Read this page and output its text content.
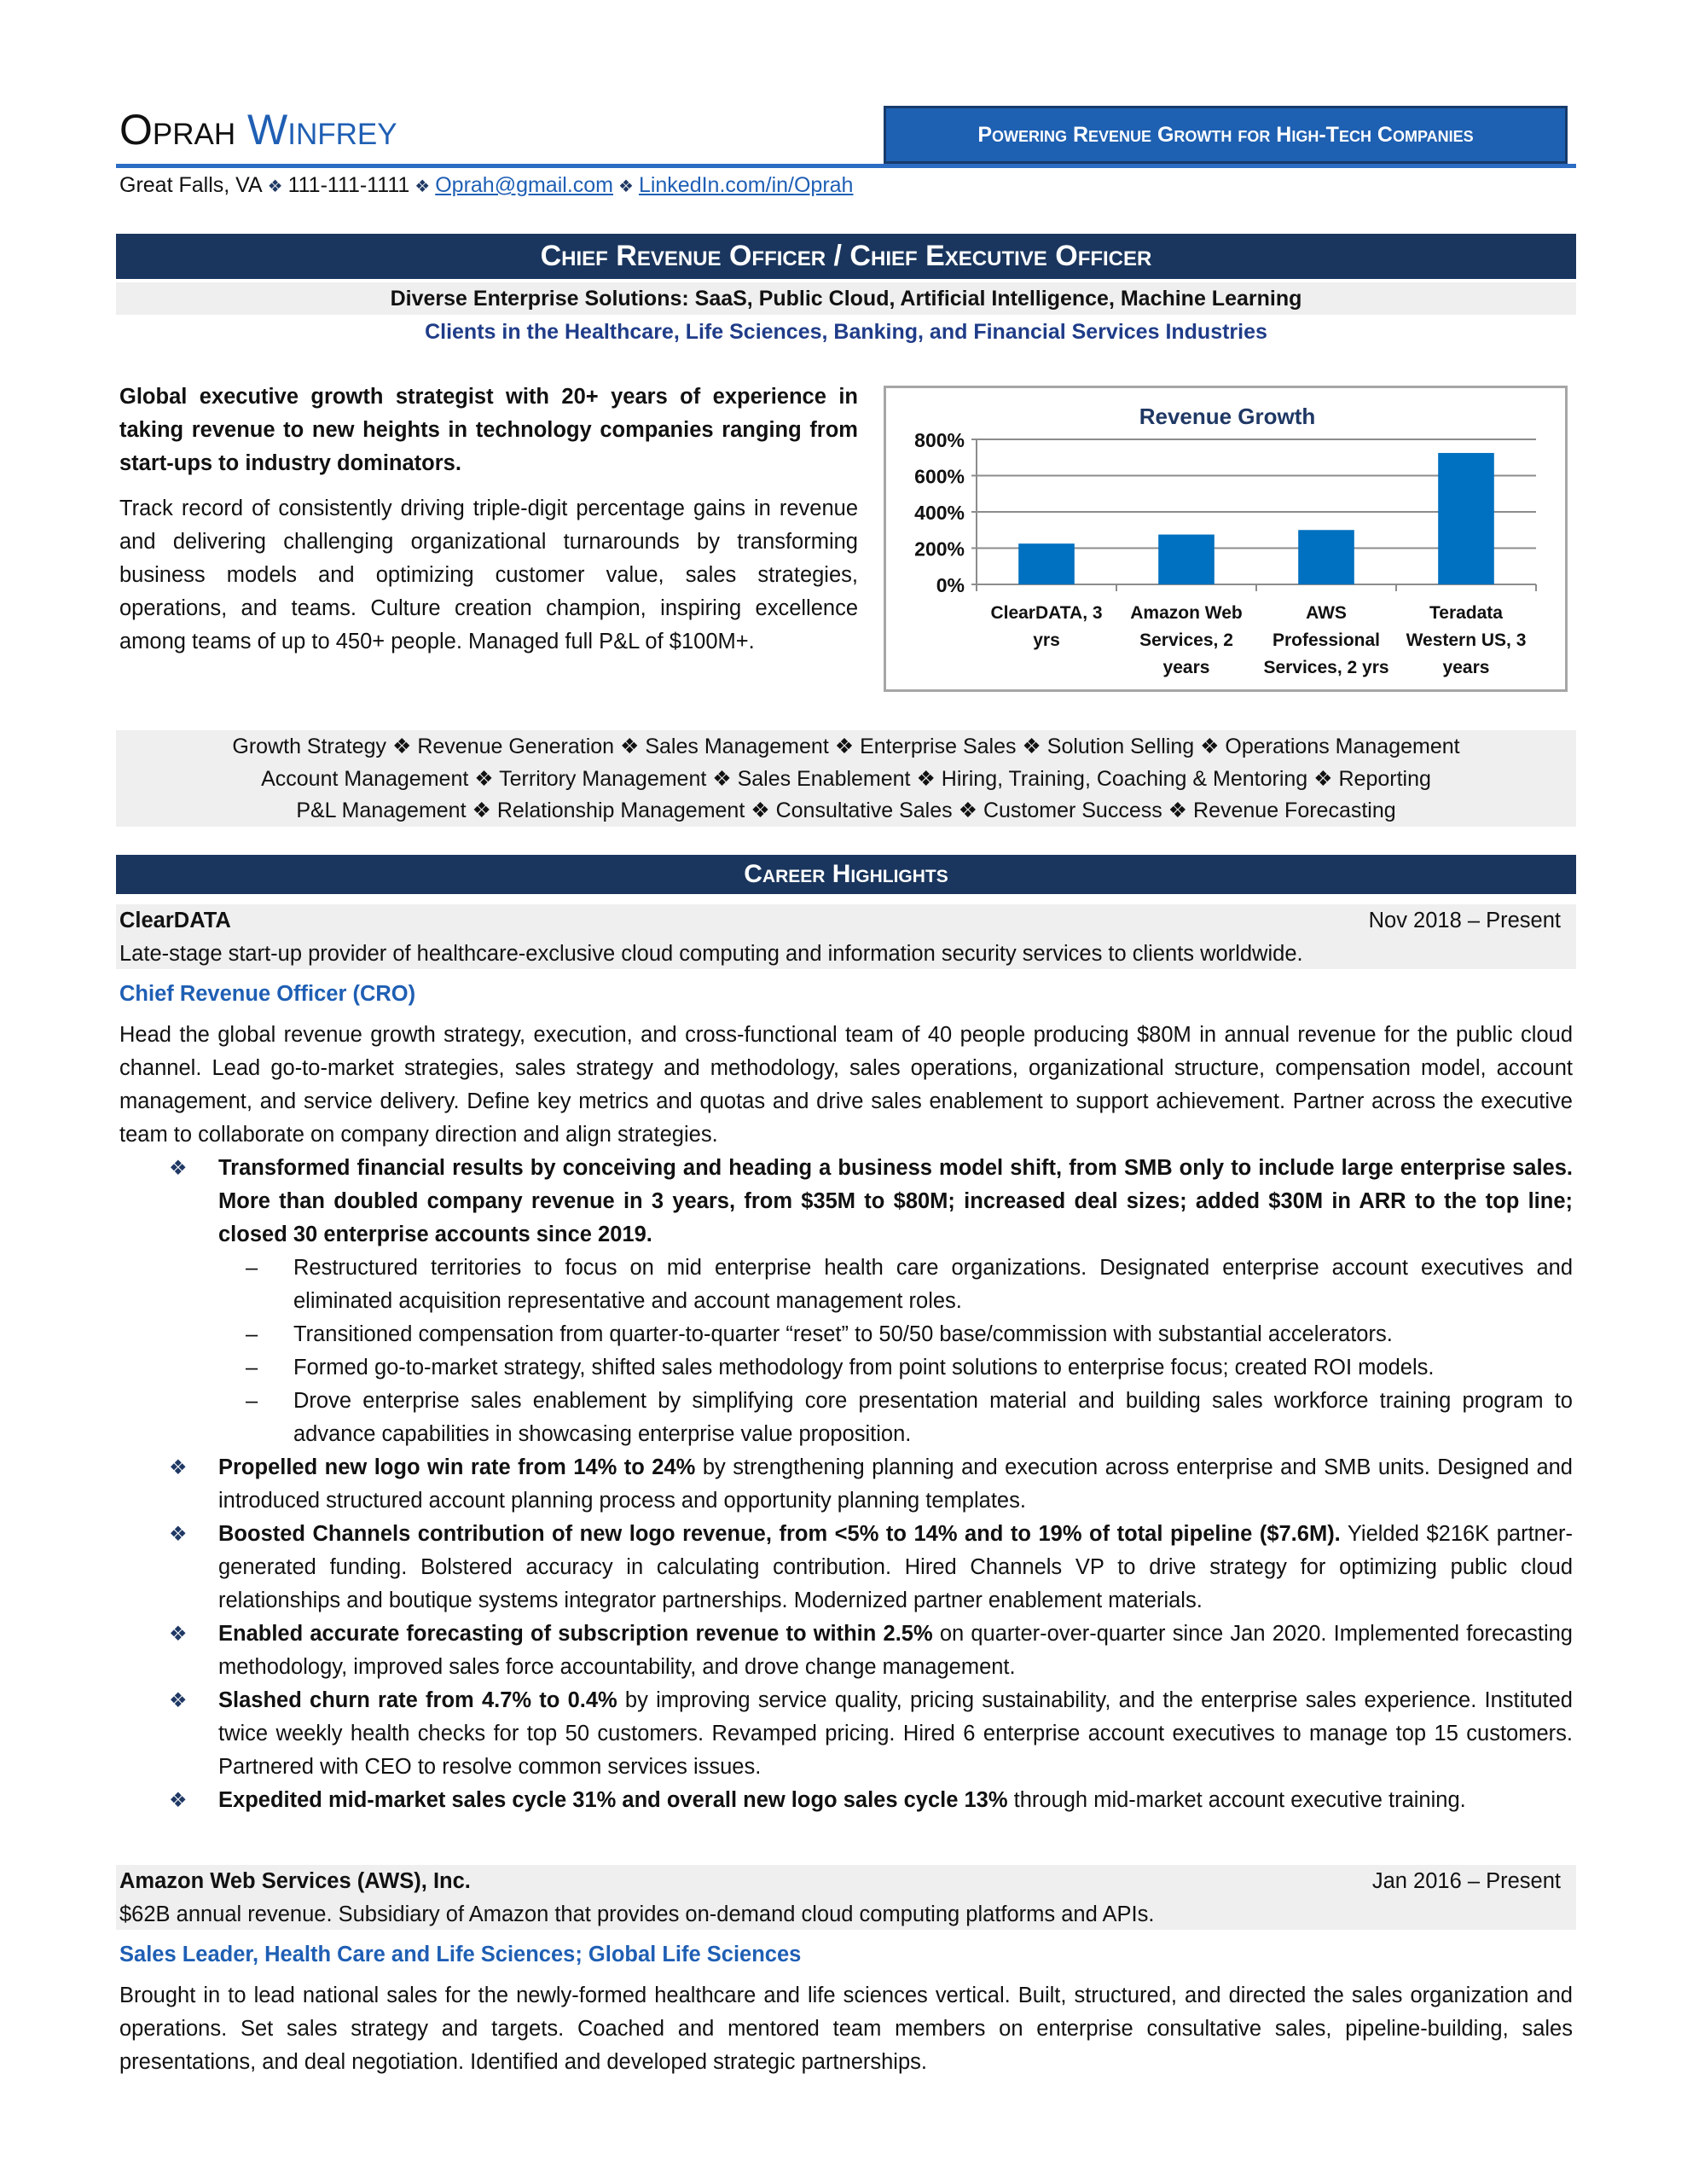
Oprah Winfrey	Powering Revenue Growth for High-Tech Companies
Great Falls, VA ❖ 111-111-1111 ❖ Oprah@gmail.com ❖ LinkedIn.com/in/Oprah
Chief Revenue Officer / Chief Executive Officer
Diverse Enterprise Solutions: SaaS, Public Cloud, Artificial Intelligence, Machine Learning
Clients in the Healthcare, Life Sciences, Banking, and Financial Services Industries

Global executive growth strategist with 20+ years of experience in taking revenue to new heights in technology companies ranging from start-ups to industry dominators.

Track record of consistently driving triple-digit percentage gains in revenue and delivering challenging organizational turnarounds by transforming business models and optimizing customer value, sales strategies, operations, and teams. Culture creation champion, inspiring excellence among teams of up to 450+ people. Managed full P&L of $100M+.

Revenue Growth
0%
200%
400%
600%
800%
ClearDATA, 3
yrs
Amazon Web
Services, 2
years
AWS
Professional
Services, 2 yrs
Teradata
Western US, 3
years
Growth Strategy ❖ Revenue Generation ❖ Sales Management ❖ Enterprise Sales ❖ Solution Selling ❖ Operations Management
Account Management ❖ Territory Management ❖ Sales Enablement ❖ Hiring, Training, Coaching & Mentoring ❖ Reporting
P&L Management ❖ Relationship Management ❖ Consultative Sales ❖ Customer Success ❖ Revenue Forecasting
Career Highlights
ClearDATA	Nov 2018 – Present
Late-stage start-up provider of healthcare-exclusive cloud computing and information security services to clients worldwide.
Chief Revenue Officer (CRO)
Head the global revenue growth strategy, execution, and cross-functional team of 40 people producing $80M in annual revenue for the public cloud channel. Lead go-to-market strategies, sales strategy and methodology, sales operations, organizational structure, compensation model, account management, and service delivery. Define key metrics and quotas and drive sales enablement to support achievement. Partner across the executive team to collaborate on company direction and align strategies.
❖ Transformed financial results by conceiving and heading a business model shift, from SMB only to include large enterprise sales. More than doubled company revenue in 3 years, from $35M to $80M; increased deal sizes; added $30M in ARR to the top line; closed 30 enterprise accounts since 2019.
– Restructured territories to focus on mid enterprise health care organizations. Designated enterprise account executives and eliminated acquisition representative and account management roles.
– Transitioned compensation from quarter-to-quarter “reset” to 50/50 base/commission with substantial accelerators.
– Formed go-to-market strategy, shifted sales methodology from point solutions to enterprise focus; created ROI models.
– Drove enterprise sales enablement by simplifying core presentation material and building sales workforce training program to advance capabilities in showcasing enterprise value proposition.
❖ Propelled new logo win rate from 14% to 24% by strengthening planning and execution across enterprise and SMB units. Designed and introduced structured account planning process and opportunity planning templates.
❖ Boosted Channels contribution of new logo revenue, from <5% to 14% and to 19% of total pipeline ($7.6M). Yielded $216K partner-generated funding. Bolstered accuracy in calculating contribution. Hired Channels VP to drive strategy for optimizing public cloud relationships and boutique systems integrator partnerships. Modernized partner enablement materials.
❖ Enabled accurate forecasting of subscription revenue to within 2.5% on quarter-over-quarter since Jan 2020. Implemented forecasting methodology, improved sales force accountability, and drove change management.
❖ Slashed churn rate from 4.7% to 0.4% by improving service quality, pricing sustainability, and the enterprise sales experience. Instituted twice weekly health checks for top 50 customers. Revamped pricing. Hired 6 enterprise account executives to manage top 15 customers. Partnered with CEO to resolve common services issues.
❖ Expedited mid-market sales cycle 31% and overall new logo sales cycle 13% through mid-market account executive training.
Amazon Web Services (AWS), Inc.	Jan 2016 – Present
$62B annual revenue. Subsidiary of Amazon that provides on-demand cloud computing platforms and APIs.
Sales Leader, Health Care and Life Sciences; Global Life Sciences
Brought in to lead national sales for the newly-formed healthcare and life sciences vertical. Built, structured, and directed the sales organization and operations. Set sales strategy and targets. Coached and mentored team members on enterprise consultative sales, pipeline-building, sales presentations, and deal negotiation. Identified and developed strategic partnerships.
